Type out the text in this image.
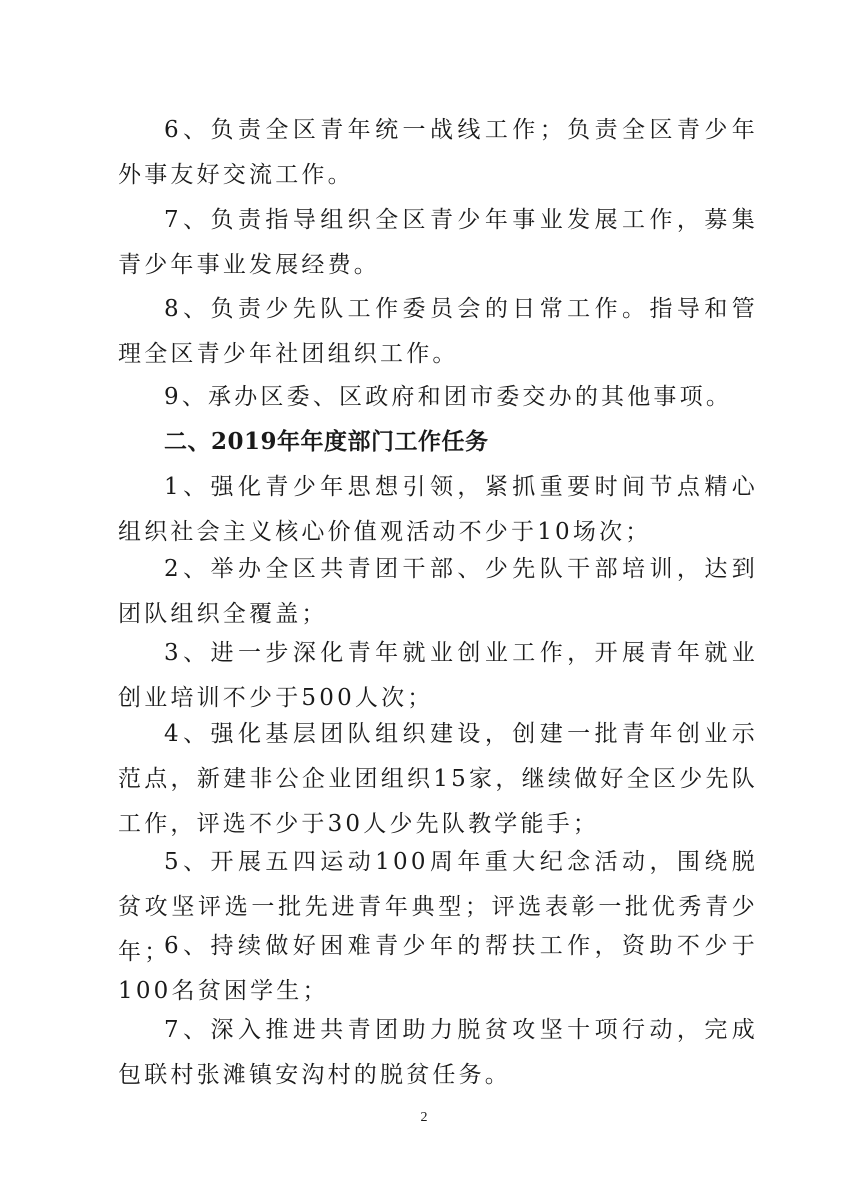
6、负责全区青年统一战线工作；负责全区青少年外事友好交流工作。

7、负责指导组织全区青少年事业发展工作，募集青少年事业发展经费。

8、负责少先队工作委员会的日常工作。指导和管理全区青少年社团组织工作。

9、承办区委、区政府和团市委交办的其他事项。

二、2019年年度部门工作任务

1、强化青少年思想引领，紧抓重要时间节点精心组织社会主义核心价值观活动不少于10场次；

2、举办全区共青团干部、少先队干部培训，达到团队组织全覆盖；

3、进一步深化青年就业创业工作，开展青年就业创业培训不少于500人次；

4、强化基层团队组织建设，创建一批青年创业示范点，新建非公企业团组织15家，继续做好全区少先队工作，评选不少于30人少先队教学能手；

5、开展五四运动100周年重大纪念活动，围绕脱贫攻坚评选一批先进青年典型；评选表彰一批优秀青少年；

6、持续做好困难青少年的帮扶工作，资助不少于100名贫困学生；

7、深入推进共青团助力脱贫攻坚十项行动，完成包联村张滩镇安沟村的脱贫任务。

2
